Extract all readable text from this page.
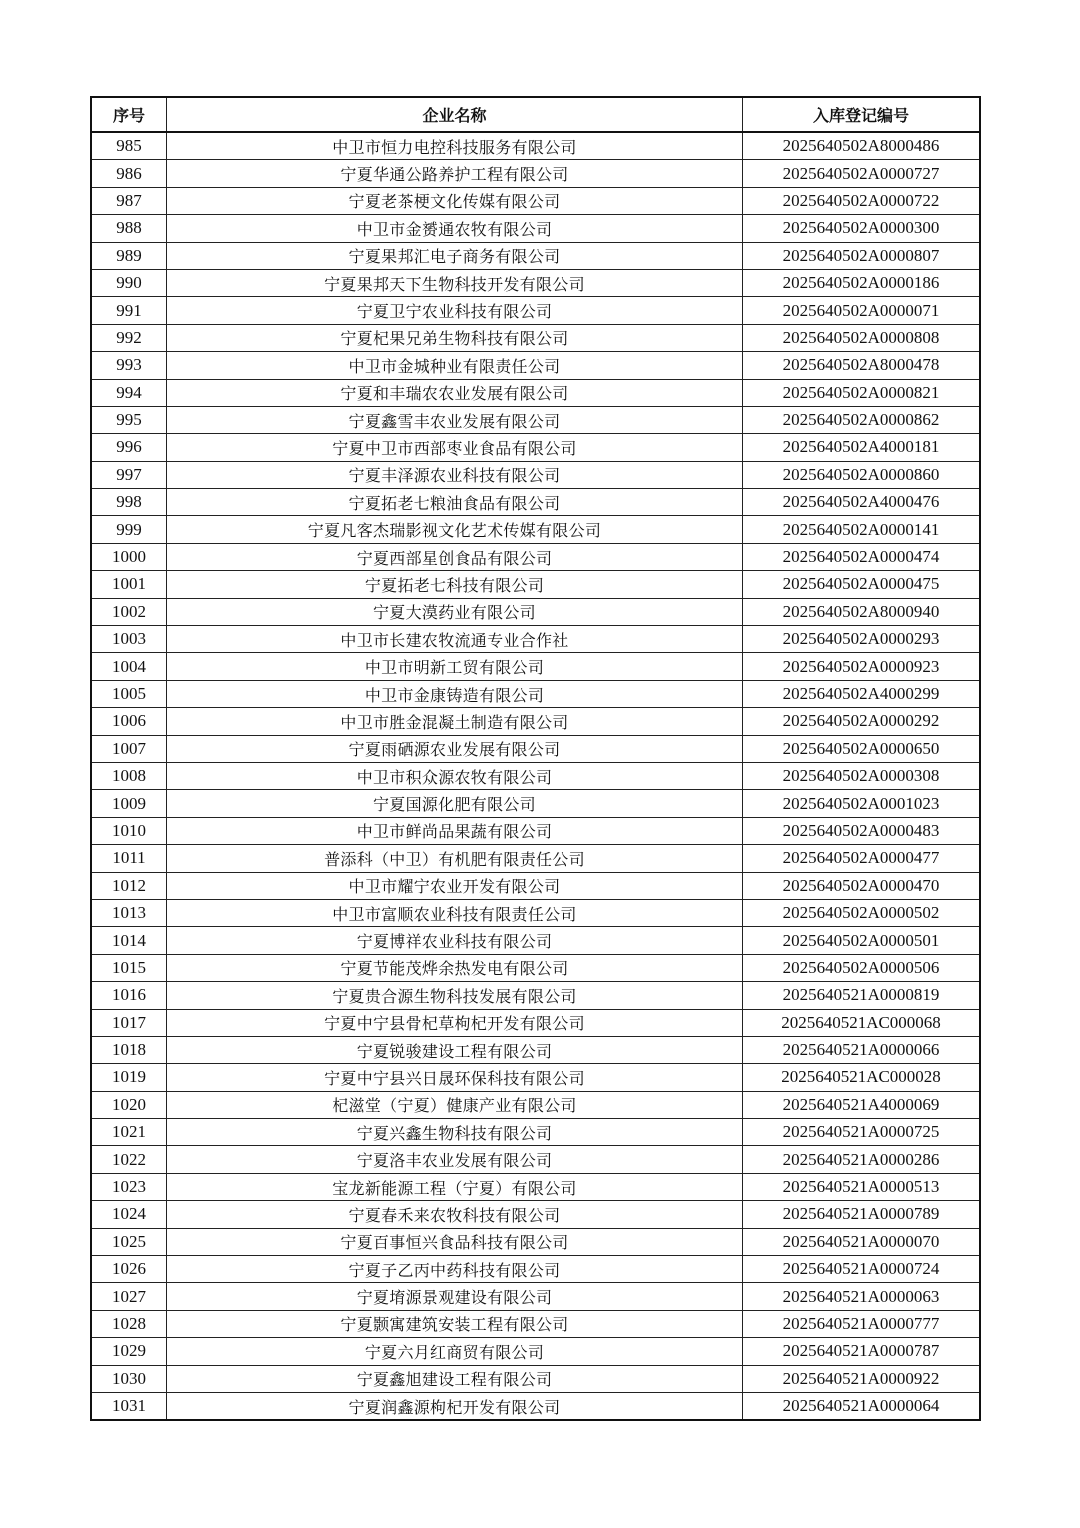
序号	企业名称	入库登记编号
985	中卫市恒力电控科技服务有限公司	2025640502A8000486
986	宁夏华通公路养护工程有限公司	2025640502A0000727
987	宁夏老茶梗文化传媒有限公司	2025640502A0000722
988	中卫市金赟通农牧有限公司	2025640502A0000300
989	宁夏果邦汇电子商务有限公司	2025640502A0000807
990	宁夏果邦天下生物科技开发有限公司	2025640502A0000186
991	宁夏卫宁农业科技有限公司	2025640502A0000071
992	宁夏杞果兄弟生物科技有限公司	2025640502A0000808
993	中卫市金城种业有限责任公司	2025640502A8000478
994	宁夏和丰瑞农农业发展有限公司	2025640502A0000821
995	宁夏鑫雪丰农业发展有限公司	2025640502A0000862
996	宁夏中卫市西部枣业食品有限公司	2025640502A4000181
997	宁夏丰泽源农业科技有限公司	2025640502A0000860
998	宁夏拓老七粮油食品有限公司	2025640502A4000476
999	宁夏凡客杰瑞影视文化艺术传媒有限公司	2025640502A0000141
1000	宁夏西部星创食品有限公司	2025640502A0000474
1001	宁夏拓老七科技有限公司	2025640502A0000475
1002	宁夏大漠药业有限公司	2025640502A8000940
1003	中卫市长建农牧流通专业合作社	2025640502A0000293
1004	中卫市明新工贸有限公司	2025640502A0000923
1005	中卫市金康铸造有限公司	2025640502A4000299
1006	中卫市胜金混凝土制造有限公司	2025640502A0000292
1007	宁夏雨硒源农业发展有限公司	2025640502A0000650
1008	中卫市积众源农牧有限公司	2025640502A0000308
1009	宁夏国源化肥有限公司	2025640502A0001023
1010	中卫市鲜尚品果蔬有限公司	2025640502A0000483
1011	普添科（中卫）有机肥有限责任公司	2025640502A0000477
1012	中卫市耀宁农业开发有限公司	2025640502A0000470
1013	中卫市富顺农业科技有限责任公司	2025640502A0000502
1014	宁夏博祥农业科技有限公司	2025640502A0000501
1015	宁夏节能茂烨余热发电有限公司	2025640502A0000506
1016	宁夏贵合源生物科技发展有限公司	2025640521A0000819
1017	宁夏中宁县骨杞草枸杞开发有限公司	2025640521AC000068
1018	宁夏锐骏建设工程有限公司	2025640521A0000066
1019	宁夏中宁县兴日晟环保科技有限公司	2025640521AC000028
1020	杞滋堂（宁夏）健康产业有限公司	2025640521A4000069
1021	宁夏兴鑫生物科技有限公司	2025640521A0000725
1022	宁夏洛丰农业发展有限公司	2025640521A0000286
1023	宝龙新能源工程（宁夏）有限公司	2025640521A0000513
1024	宁夏春禾来农牧科技有限公司	2025640521A0000789
1025	宁夏百事恒兴食品科技有限公司	2025640521A0000070
1026	宁夏子乙丙中药科技有限公司	2025640521A0000724
1027	宁夏堉源景观建设有限公司	2025640521A0000063
1028	宁夏颢寓建筑安装工程有限公司	2025640521A0000777
1029	宁夏六月红商贸有限公司	2025640521A0000787
1030	宁夏鑫旭建设工程有限公司	2025640521A0000922
1031	宁夏润鑫源枸杞开发有限公司	2025640521A0000064
